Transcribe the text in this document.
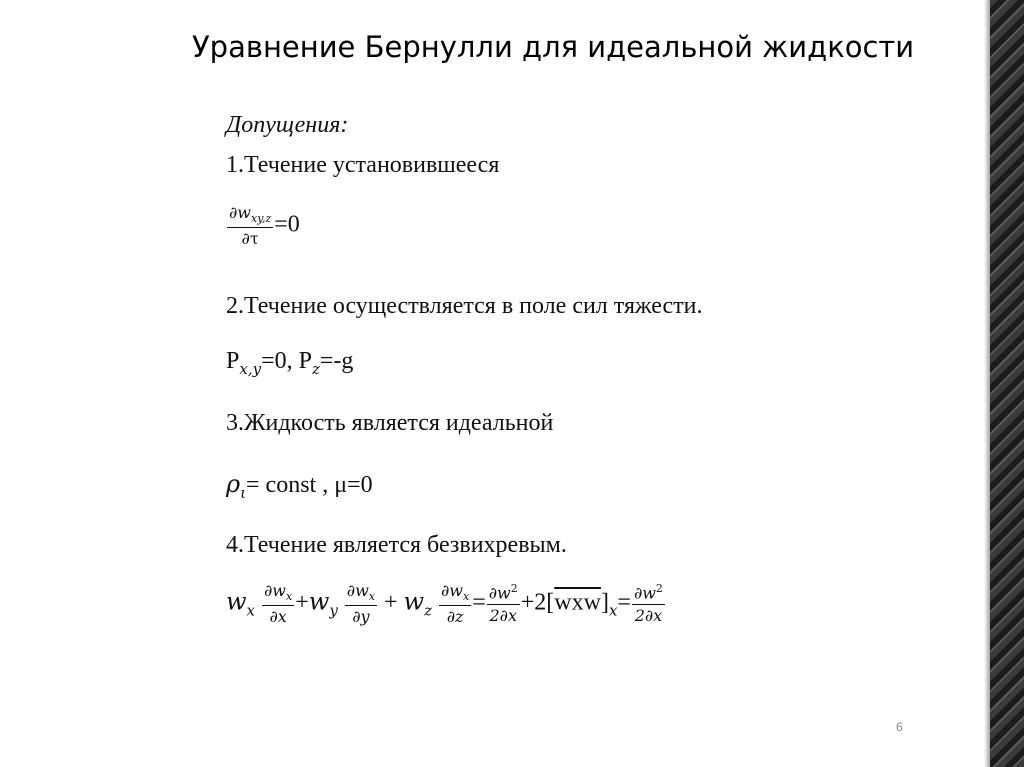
Уравнение Бернулли для идеальной жидкости
Допущения:
1.Течение установившееся
$\frac{\partial w_{xy,z}}{\partial\tau} =0$
2.Течение осуществляется в поле сил тяжести.
$P_{x,y}=0$, $P_z=-g$
3.Жидкость является идеальной
$\rho_\iota=$ const , μ=0
4.Течение является безвихревым.
$w_x \frac{\partial w_x}{\partial x} +w_y \frac{\partial w_x}{\partial y} + w_z \frac{\partial w_x}{\partial z} = \frac{\partial w^2}{2\partial x} +2[\overline{wxw}]_x= \frac{\partial w^2}{2\partial x}$
6
